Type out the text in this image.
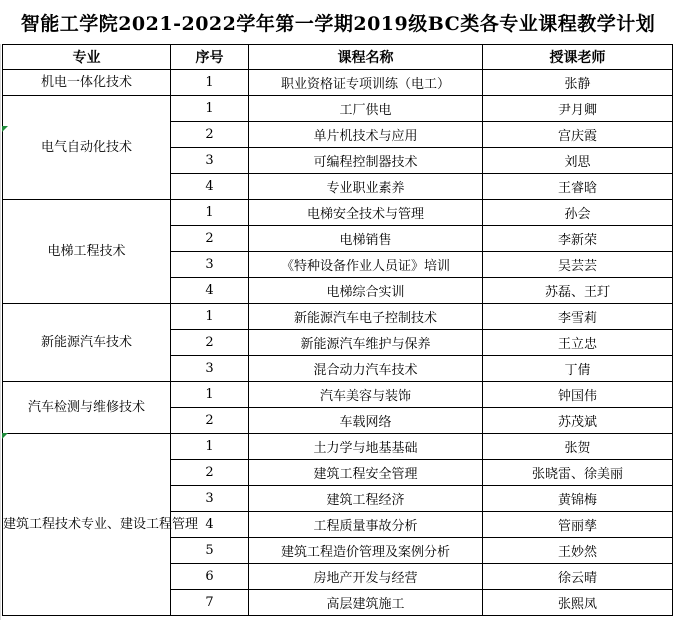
智能工学院2021-2022学年第一学期2019级BC类各专业课程教学计划
专业	序号	课程名称	授课老师
机电一体化技术	1	职业资格证专项训练（电工）	张静
电气自动化技术	1	工厂供电	尹月卿
	2	单片机技术与应用	宫庆霞
	3	可编程控制器技术	刘思
	4	专业职业素养	王睿晗
电梯工程技术	1	电梯安全技术与管理	孙会
	2	电梯销售	李新荣
	3	《特种设备作业人员证》培训	吴芸芸
	4	电梯综合实训	苏磊、王玎
新能源汽车技术	1	新能源汽车电子控制技术	李雪莉
	2	新能源汽车维护与保养	王立忠
	3	混合动力汽车技术	丁倩
汽车检测与维修技术	1	汽车美容与装饰	钟国伟
	2	车载网络	苏茂斌
建筑工程技术专业、建设工程管理	1	土力学与地基基础	张贺
	2	建筑工程安全管理	张晓雷、徐美丽
	3	建筑工程经济	黄锦梅
	4	工程质量事故分析	管丽孳
	5	建筑工程造价管理及案例分析	王妙然
	6	房地产开发与经营	徐云晴
	7	高层建筑施工	张熙凤
